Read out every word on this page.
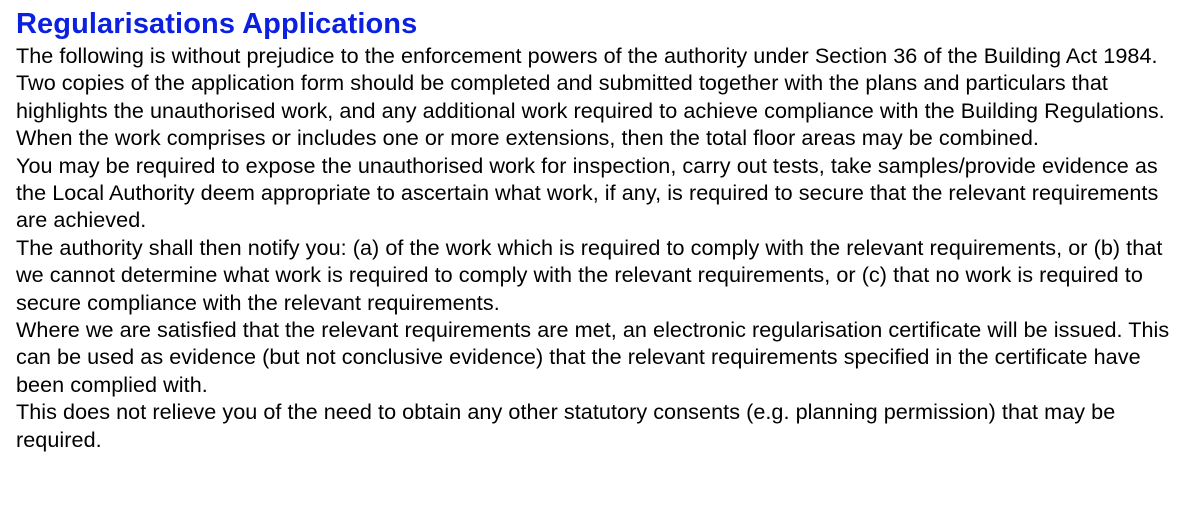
Regularisations Applications

The following is without prejudice to the enforcement powers of the authority under Section 36 of the Building Act 1984.

Two copies of the application form should be completed and submitted together with the plans and particulars that highlights the unauthorised work, and any additional work required to achieve compliance with the Building Regulations. When the work comprises or includes one or more extensions, then the total floor areas may be combined.

You may be required to expose the unauthorised work for inspection, carry out tests, take samples/provide evidence as the Local Authority deem appropriate to ascertain what work, if any, is required to secure that the relevant requirements are achieved.

The authority shall then notify you: (a) of the work which is required to comply with the relevant requirements, or (b) that we cannot determine what work is required to comply with the relevant requirements, or (c) that no work is required to secure compliance with the relevant requirements.

Where we are satisfied that the relevant requirements are met, an electronic regularisation certificate will be issued. This can be used as evidence (but not conclusive evidence) that the relevant requirements specified in the certificate have been complied with.

This does not relieve you of the need to obtain any other statutory consents (e.g. planning permission) that may be required.
